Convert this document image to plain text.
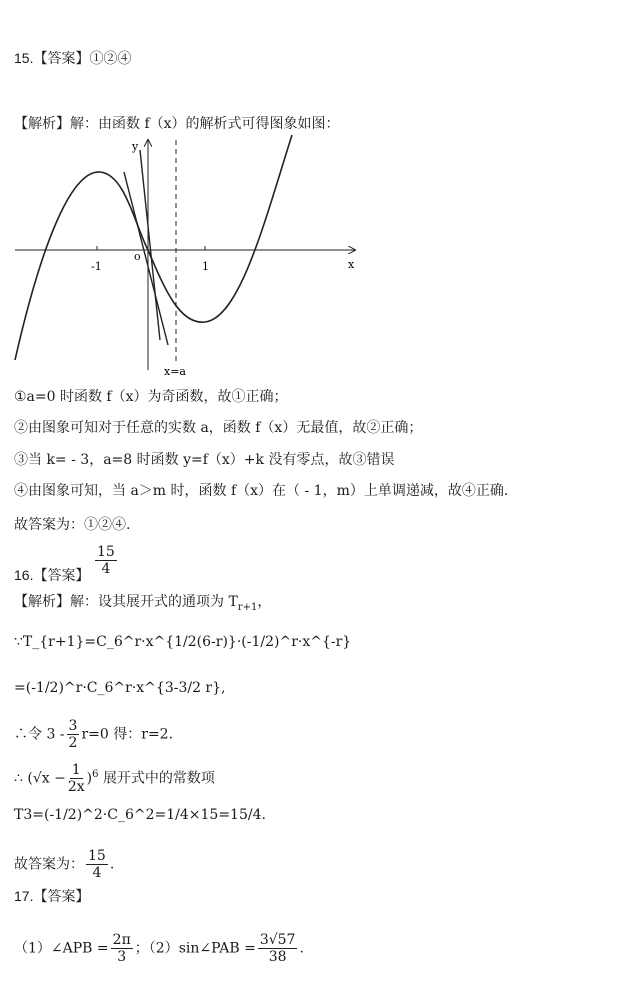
15.【答案】①②④
【解析】解：由函数 f（x）的解析式可得图象如图：
y
x
o
-1	1
x=a
①a=0 时函数 f（x）为奇函数，故①正确；
②由图象可知对于任意的实数 a，函数 f（x）无最值，故②正确；
③当 k= - 3，a=8 时函数 y=f（x）+k 没有零点，故③错误
④由图象可知，当 a＞m 时，函数 f（x）在（ - 1，m）上单调递减，故④正确.
故答案为：①②④.
16.【答案】 $\frac{15}{4}$
【解析】解：设其展开式的通项为 $T_{r+1}$，
∵T_{r+1}=C_6^r·x^{1/2(6-r)}·(-1/2)^r·x^{-r}
=(-1/2)^r·C_6^r·x^{3-3/2 r},
∴令 $3 - \frac{3}{2} r=0$ 得：r=2.
∴ $(√x - \frac{1}{2x} )^6$ 展开式中的常数项
T3=(-1/2)^2·C_6^2=1/4×15=15/4.
故答案为： $\frac{15}{4}$ .
17.【答案】
（1）∠APB = $\frac{2\pi}{3}$ ；（2）sin∠PAB = $\frac{3√57}{38}$ .
